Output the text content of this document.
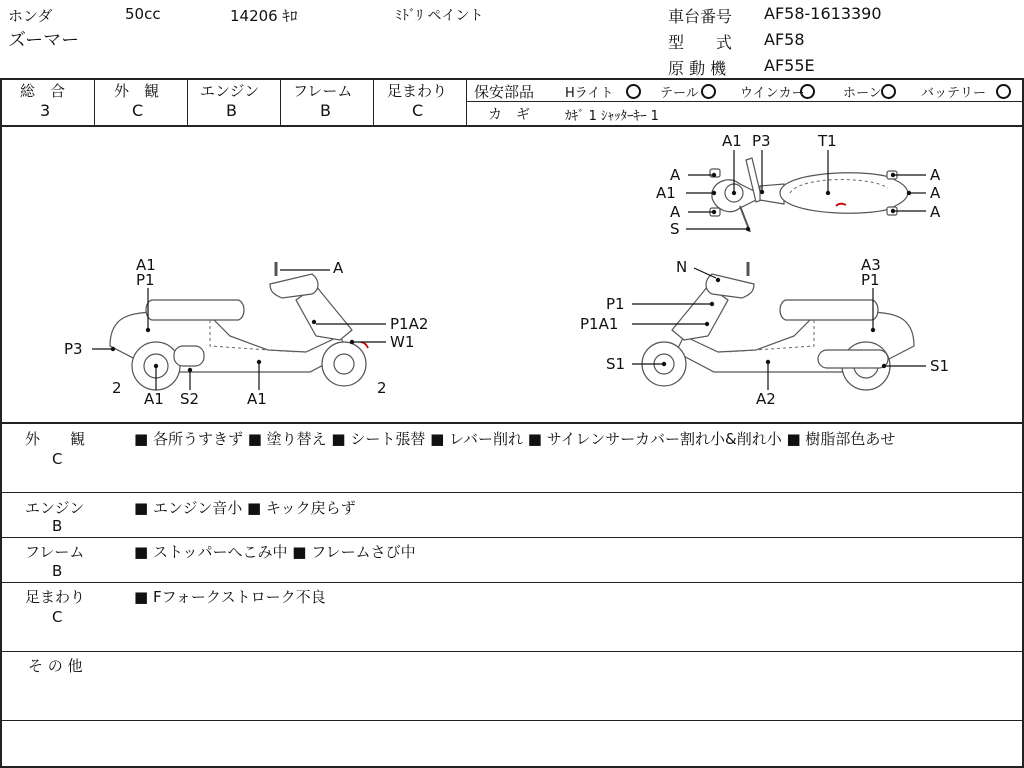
ホンダ	50cc	14206 ｷﾛ	ﾐﾄﾞﾘ ペイント
ズーマー
車台番号 AF58-1613390
型　　式 AF58
原 動 機 AF55E
総　合
3
外　観
C
エンジン
B
フレーム
B
足まわり
C
保安部品 Hライト	テール	ウインカー	ホーン	バッテリー
カ　ギ	ｶｷﾞ 1 ｼｬｯﾀｰｷｰ 1
A1 P3	T1
A
A1
A
S
A
A
A
A1
P1
A
P1A2
W1
P3
2
A1 S2	A1
2
N	A3
P1
P1
P1A1
S1	S1
A2
外　　観
C
■ 各所うすきず ■ 塗り替え ■ シート張替 ■ レバー削れ ■ サイレンサーカバー割れ小&削れ小 ■ 樹脂部色あせ
エンジン
B
■ エンジン音小 ■ キック戻らず
フレーム
B
■ ストッパーへこみ中 ■ フレームさび中
足まわり
C
■ Fフォークストローク不良
そ の 他
